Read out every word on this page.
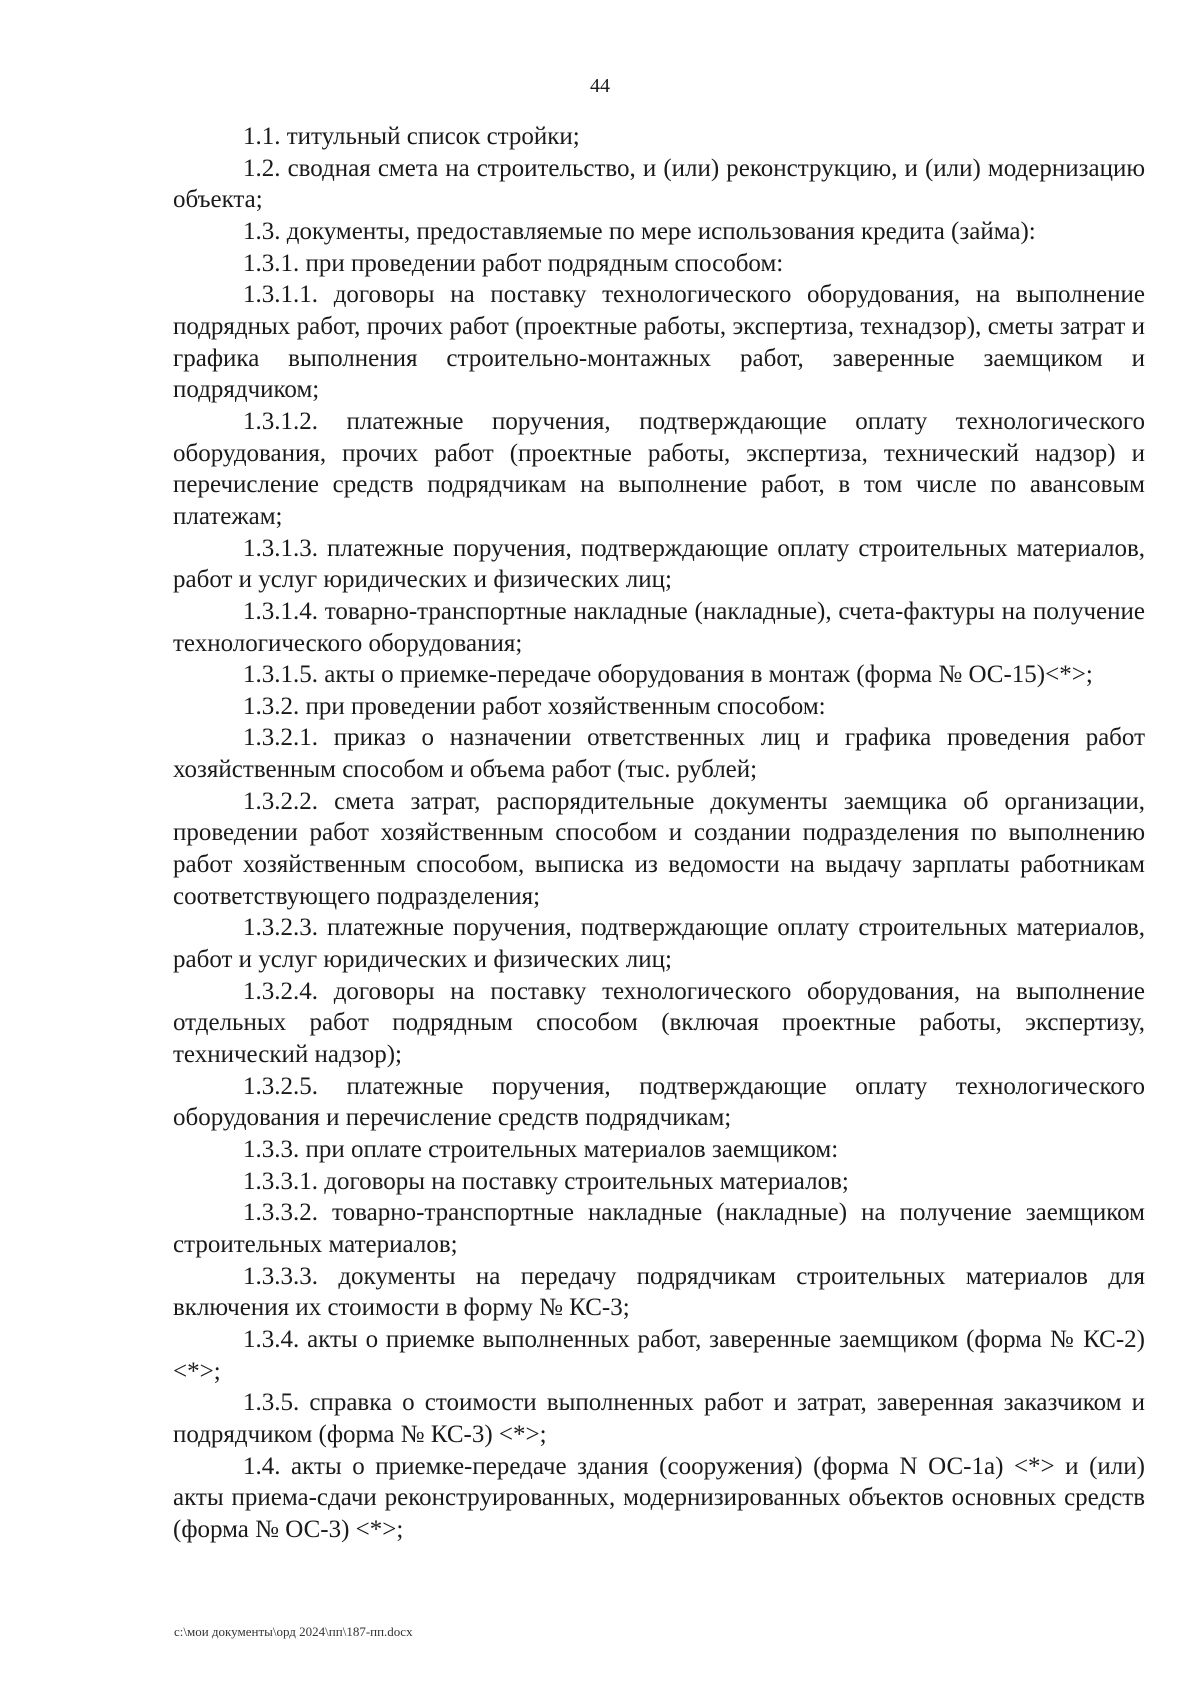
44

1.1. титульный список стройки;

1.2. сводная смета на строительство, и (или) реконструкцию, и (или) модернизацию объекта;

1.3. документы, предоставляемые по мере использования кредита (займа):

1.3.1. при проведении работ подрядным способом:

1.3.1.1. договоры на поставку технологического оборудования, на выполнение подрядных работ, прочих работ (проектные работы, экспертиза, технадзор), сметы затрат и графика выполнения строительно-монтажных работ, заверенные заемщиком и подрядчиком;

1.3.1.2. платежные поручения, подтверждающие оплату технологического оборудования, прочих работ (проектные работы, экспертиза, технический надзор) и перечисление средств подрядчикам на выполнение работ, в том числе по авансовым платежам;

1.3.1.3. платежные поручения, подтверждающие оплату строительных материалов, работ и услуг юридических и физических лиц;

1.3.1.4. товарно-транспортные накладные (накладные), счета-фактуры на получение технологического оборудования;

1.3.1.5. акты о приемке-передаче оборудования в монтаж (форма № ОС-15)<*>;

1.3.2. при проведении работ хозяйственным способом:

1.3.2.1. приказ о назначении ответственных лиц и графика проведения работ хозяйственным способом и объема работ (тыс. рублей;

1.3.2.2. смета затрат, распорядительные документы заемщика об организации, проведении работ хозяйственным способом и создании подразделения по выполнению работ хозяйственным способом, выписка из ведомости на выдачу зарплаты работникам соответствующего подразделения;

1.3.2.3. платежные поручения, подтверждающие оплату строительных материалов, работ и услуг юридических и физических лиц;

1.3.2.4. договоры на поставку технологического оборудования, на выполнение отдельных работ подрядным способом (включая проектные работы, экспертизу, технический надзор);

1.3.2.5. платежные поручения, подтверждающие оплату технологического оборудования и перечисление средств подрядчикам;

1.3.3. при оплате строительных материалов заемщиком:

1.3.3.1. договоры на поставку строительных материалов;

1.3.3.2. товарно-транспортные накладные (накладные) на получение заемщиком строительных материалов;

1.3.3.3. документы на передачу подрядчикам строительных материалов для включения их стоимости в форму № КС-3;

1.3.4. акты о приемке выполненных работ, заверенные заемщиком (форма № КС-2) <*>;

1.3.5. справка о стоимости выполненных работ и затрат, заверенная заказчиком и подрядчиком (форма № КС-3) <*>;

1.4. акты о приемке-передаче здания (сооружения) (форма N ОС-1а) <*> и (или) акты приема-сдачи реконструированных, модернизированных объектов основных средств (форма № ОС-3) <*>;

c:\мои документы\орд 2024\пп\187-пп.docx
